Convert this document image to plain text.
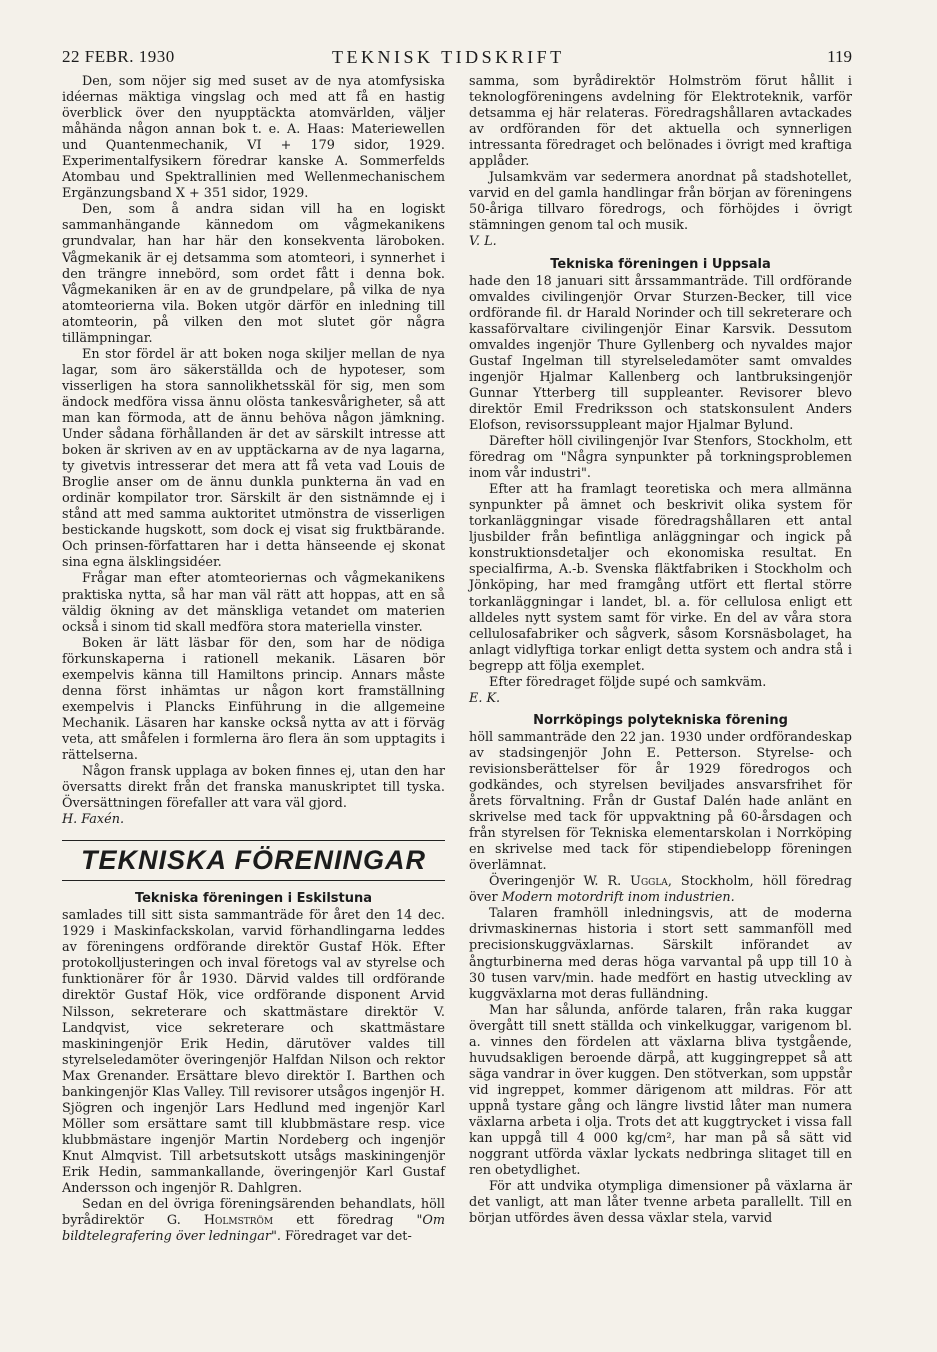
22 FEBR. 1930	TEKNISK TIDSKRIFT	119

Den, som nöjer sig med suset av de nya atomfysiska idéernas mäktiga vingslag och med att få en hastig överblick över den nyupptäckta atomvärlden, väljer måhända någon annan bok t. e. A. Haas: Materiewellen und Quantenmechanik, VI + 179 sidor, 1929. Experimentalfysikern föredrar kanske A. Sommerfelds Atombau und Spektrallinien med Wellenmechanischem Ergänzungsband X + 351 sidor, 1929.

Den, som å andra sidan vill ha en logiskt sammanhängande kännedom om vågmekanikens grundvalar, han har här den konsekventa läroboken. Vågmekanik är ej detsamma som atomteori, i synnerhet i den trängre innebörd, som ordet fått i denna bok. Vågmekaniken är en av de grundpelare, på vilka de nya atomteorierna vila. Boken utgör därför en inledning till atomteorin, på vilken den mot slutet gör några tillämpningar.

En stor fördel är att boken noga skiljer mellan de nya lagar, som äro säkerställda och de hypoteser, som visserligen ha stora sannolikhetsskäl för sig, men som ändock medföra vissa ännu olösta tankesvårigheter, så att man kan förmoda, att de ännu behöva någon jämkning. Under sådana förhållanden är det av särskilt intresse att boken är skriven av en av upptäckarna av de nya lagarna, ty givetvis intresserar det mera att få veta vad Louis de Broglie anser om de ännu dunkla punkterna än vad en ordinär kompilator tror. Särskilt är den sistnämnde ej i stånd att med samma auktoritet utmönstra de visserligen bestickande hugskott, som dock ej visat sig fruktbärande. Och prinsen-författaren har i detta hänseende ej skonat sina egna älsklingsidéer.

Frågar man efter atomteoriernas och vågmekanikens praktiska nytta, så har man väl rätt att hoppas, att en så väldig ökning av det mänskliga vetandet om materien också i sinom tid skall medföra stora materiella vinster.

Boken är lätt läsbar för den, som har de nödiga förkunskaperna i rationell mekanik. Läsaren bör exempelvis känna till Hamiltons princip. Annars måste denna först inhämtas ur någon kort framställning exempelvis i Plancks Einführung in die allgemeine Mechanik. Läsaren har kanske också nytta av att i förväg veta, att småfelen i formlerna äro flera än som upptagits i rättelserna.

Någon fransk upplaga av boken finnes ej, utan den har översatts direkt från det franska manuskriptet till tyska. Översättningen förefaller att vara väl gjord.

H. Faxén.

TEKNISKA FÖRENINGAR
Tekniska föreningen i Eskilstuna

samlades till sitt sista sammanträde för året den 14 dec. 1929 i Maskinfackskolan, varvid förhandlingarna leddes av föreningens ordförande direktör Gustaf Hök. Efter protokolljusteringen och inval företogs val av styrelse och funktionärer för år 1930. Därvid valdes till ordförande direktör Gustaf Hök, vice ordförande disponent Arvid Nilsson, sekreterare och skattmästare direktör V. Landqvist, vice sekreterare och skattmästare maskiningenjör Erik Hedin, därutöver valdes till styrelseledamöter överingenjör Halfdan Nilson och rektor Max Grenander. Ersättare blevo direktör I. Barthen och bankingenjör Klas Valley. Till revisorer utsågos ingenjör H. Sjögren och ingenjör Lars Hedlund med ingenjör Karl Möller som ersättare samt till klubbmästare resp. vice klubbmästare ingenjör Martin Nordeberg och ingenjör Knut Almqvist. Till arbetsutskott utsågs maskiningenjör Erik Hedin, sammankallande, överingenjör Karl Gustaf Andersson och ingenjör R. Dahlgren.

Sedan en del övriga föreningsärenden behandlats, höll byrådirektör G. Holmström ett föredrag "Om bildtelegrafering över ledningar". Föredraget var det-

samma, som byrådirektör Holmström förut hållit i teknologföreningens avdelning för Elektroteknik, varför detsamma ej här relateras. Föredragshållaren avtackades av ordföranden för det aktuella och synnerligen intressanta föredraget och belönades i övrigt med kraftiga applåder.

Julsamkväm var sedermera anordnat på stadshotellet, varvid en del gamla handlingar från början av föreningens 50-åriga tillvaro föredrogs, och förhöjdes i övrigt stämningen genom tal och musik.

V. L.

Tekniska föreningen i Uppsala

hade den 18 januari sitt årssammanträde. Till ordförande omvaldes civilingenjör Orvar Sturzen-Becker, till vice ordförande fil. dr Harald Norinder och till sekreterare och kassaförvaltare civilingenjör Einar Karsvik. Dessutom omvaldes ingenjör Thure Gyllenberg och nyvaldes major Gustaf Ingelman till styrelseledamöter samt omvaldes ingenjör Hjalmar Kallenberg och lantbruksingenjör Gunnar Ytterberg till suppleanter. Revisorer blevo direktör Emil Fredriksson och statskonsulent Anders Elofson, revisorssuppleant major Hjalmar Bylund.

Därefter höll civilingenjör Ivar Stenfors, Stockholm, ett föredrag om "Några synpunkter på torkningsproblemen inom vår industri".

Efter att ha framlagt teoretiska och mera allmänna synpunkter på ämnet och beskrivit olika system för torkanläggningar visade föredragshållaren ett antal ljusbilder från befintliga anläggningar och ingick på konstruktionsdetaljer och ekonomiska resultat. En specialfirma, A.-b. Svenska fläktfabriken i Stockholm och Jönköping, har med framgång utfört ett flertal större torkanläggningar i landet, bl. a. för cellulosa enligt ett alldeles nytt system samt för virke. En del av våra stora cellulosafabriker och sågverk, såsom Korsnäsbolaget, ha anlagt vidlyftiga torkar enligt detta system och andra stå i begrepp att följa exemplet.

Efter föredraget följde supé och samkväm.

E. K.

Norrköpings polytekniska förening

höll sammanträde den 22 jan. 1930 under ordförandeskap av stadsingenjör John E. Petterson. Styrelse- och revisionsberättelser för år 1929 föredrogos och godkändes, och styrelsen beviljades ansvarsfrihet för årets förvaltning. Från dr Gustaf Dalén hade anlänt en skrivelse med tack för uppvaktning på 60-årsdagen och från styrelsen för Tekniska elementarskolan i Norrköping en skrivelse med tack för stipendiebelopp föreningen överlämnat.

Överingenjör W. R. Uggla, Stockholm, höll föredrag över Modern motordrift inom industrien.

Talaren framhöll inledningsvis, att de moderna drivmaskinernas historia i stort sett sammanföll med precisionskuggväxlarnas. Särskilt införandet av ångturbinerna med deras höga varvantal på upp till 10 à 30 tusen varv/min. hade medfört en hastig utveckling av kuggväxlarna mot deras fulländning.

Man har sålunda, anförde talaren, från raka kuggar övergått till snett ställda och vinkelkuggar, varigenom bl. a. vinnes den fördelen att växlarna bliva tystgående, huvudsakligen beroende därpå, att kuggingreppet så att säga vandrar in över kuggen. Den stötverkan, som uppstår vid ingreppet, kommer därigenom att mildras. För att uppnå tystare gång och längre livstid låter man numera växlarna arbeta i olja. Trots det att kuggtrycket i vissa fall kan uppgå till 4 000 kg/cm², har man på så sätt vid noggrant utförda växlar lyckats nedbringa slitaget till en ren obetydlighet.

För att undvika otympliga dimensioner på växlarna är det vanligt, att man låter tvenne arbeta parallellt. Till en början utfördes även dessa växlar stela, varvid
